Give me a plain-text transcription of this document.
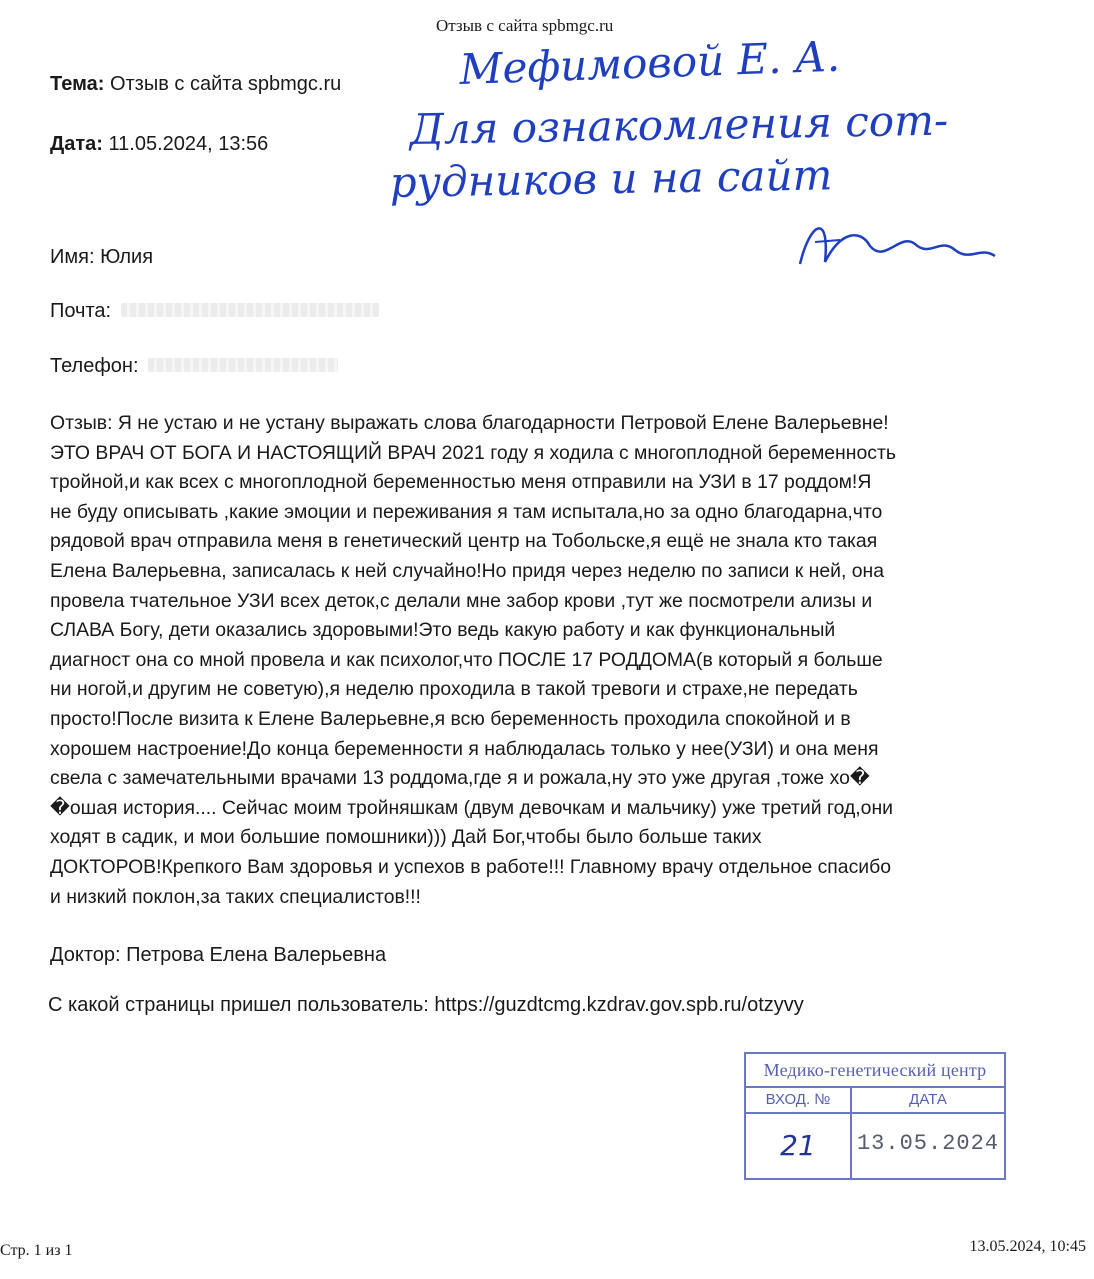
Отзыв с сайта spbmgc.ru
Мефимовой Е. А.
Для ознакомления сот-
рудников и на сайт
Тема: Отзыв с сайта spbmgc.ru
Дата: 11.05.2024, 13:56
Имя: Юлия
Почта:
Телефон:
Отзыв: Я не устаю и не устану выражать слова благодарности Петровой Елене Валерьевне!
ЭТО ВРАЧ ОТ БОГА И НАСТОЯЩИЙ ВРАЧ 2021 году я ходила с многоплодной беременность
тройной,и как всех с многоплодной беременностью меня отправили на УЗИ в 17 роддом!Я
не буду описывать ,какие эмоции и переживания я там испытала,но за одно благодарна,что
рядовой врач отправила меня в генетический центр на Тобольске,я ещё не знала кто такая
Елена Валерьевна, записалась к ней случайно!Но придя через неделю по записи к ней, она
провела тчательное УЗИ всех деток,с делали мне забор крови ,тут же посмотрели ализы и
СЛАВА Богу, дети оказались здоровыми!Это ведь какую работу и как функциональный
диагност она со мной провела и как психолог,что ПОСЛЕ 17 РОДДОМА(в который я больше
ни ногой,и другим не советую),я неделю проходила в такой тревоги и страхе,не передать
просто!После визита к Елене Валерьевне,я всю беременность проходила спокойной и в
хорошем настроение!До конца беременности я наблюдалась только у нее(УЗИ) и она меня
свела с замечательными врачами 13 роддома,где я и рожала,ну это уже другая ,тоже хо�
�ошая история.... Сейчас моим тройняшкам (двум девочкам и мальчику) уже третий год,они
ходят в садик, и мои большие помошники))) Дай Бог,чтобы было больше таких
ДОКТОРОВ!Крепкого Вам здоровья и успехов в работе!!! Главному врачу отдельное спасибо
и низкий поклон,за таких специалистов!!!
Доктор: Петрова Елена Валерьевна
С какой страницы пришел пользователь: https://guzdtcmg.kzdrav.gov.spb.ru/otzyvy
Медико-генетический центр
ВХОД. №	ДАТА
21	13.05.2024
Стр. 1 из 1	13.05.2024, 10:45
